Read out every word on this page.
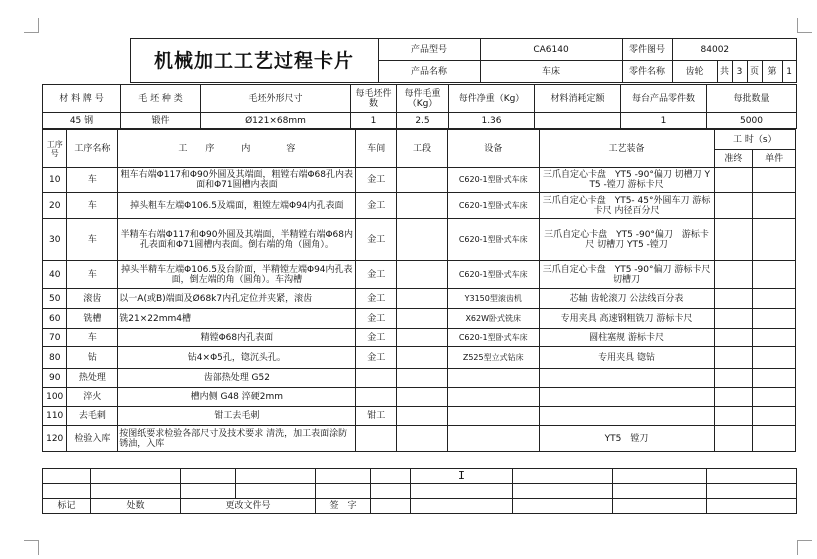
	机械加工工艺过程卡片	产品型号	CA6140	零件图号	84002						
		产品名称	车床	零件名称	齿轮	共	3	页	第	1	
材 料 牌 号	毛 坯 种 类	毛坯外形尺寸	每毛坯件数	每件毛重（Kg）	每件净重（Kg）	材料消耗定额	每台产品零件数	每批数量
45 钢	锻件	Ø121×68mm	1	2.5	1.36		1	5000
工序号	工序名称	工　　序　　　内　　　　容	车间	工段	设备	工艺装备	工 时（s）	
							准终	单件
10	车	粗车右端Φ117和Φ90外圆及其端面，粗镗右端Φ68孔内表面和Φ71圆槽内表面	金工		C620-1型卧式车床	三爪自定心卡盘　YT5 -90°偏刀 切槽刀 YT5 -镗刀 游标卡尺		
20	车	掉头粗车左端Φ106.5及端面，粗镗左端Φ94内孔表面	金工		C620-1型卧式车床	三爪自定心卡盘　YT5- 45°外圆车刀 游标卡尺 内径百分尺		
30	车	半精车右端Φ117和Φ90外圆及其端面，半精镗右端Φ68内孔表面和Φ71圆槽内表面。倒右端的角（圆角）。	金工		C620-1型卧式车床	三爪自定心卡盘　YT5 -90°偏刀　游标卡尺 切槽刀 YT5 -镗刀		
40	车	掉头半精车左端Φ106.5及台阶面，半精镗左端Φ94内孔表面，倒左端的角（圆角）。车沟槽	金工		C620-1型卧式车床	三爪自定心卡盘　YT5 -90°偏刀 游标卡尺 切槽刀		
50	滚齿	以一A(或B)端面及Ø68k7内孔定位并夹紧，滚齿	金工		Y3150型滚齿机	芯轴 齿轮滚刀 公法线百分表		
60	铣槽	铣21×22mm4槽	金工		X62W卧式铣床	专用夹具 高速钢粗铣刀 游标卡尺		
70	车	精镗Φ68内孔表面	金工		C620-1型卧式车床	圆柱塞规 游标卡尺		
80	钻	钻4×Φ5孔，锪沉头孔。	金工		Z525型立式钻床	专用夹具 锪钻		
90	热处理	齿部热处理 G52						
100	淬火	槽内侧 G48 淬硬2mm						
110	去毛刺	钳工去毛刺	钳工					
120	检验入库	按图纸要求检验各部尺寸及技术要求 清洗，加工表面涂防锈油，入库				YT5　镗刀		
						I			

标记	处数	更改文件号		签　字					
